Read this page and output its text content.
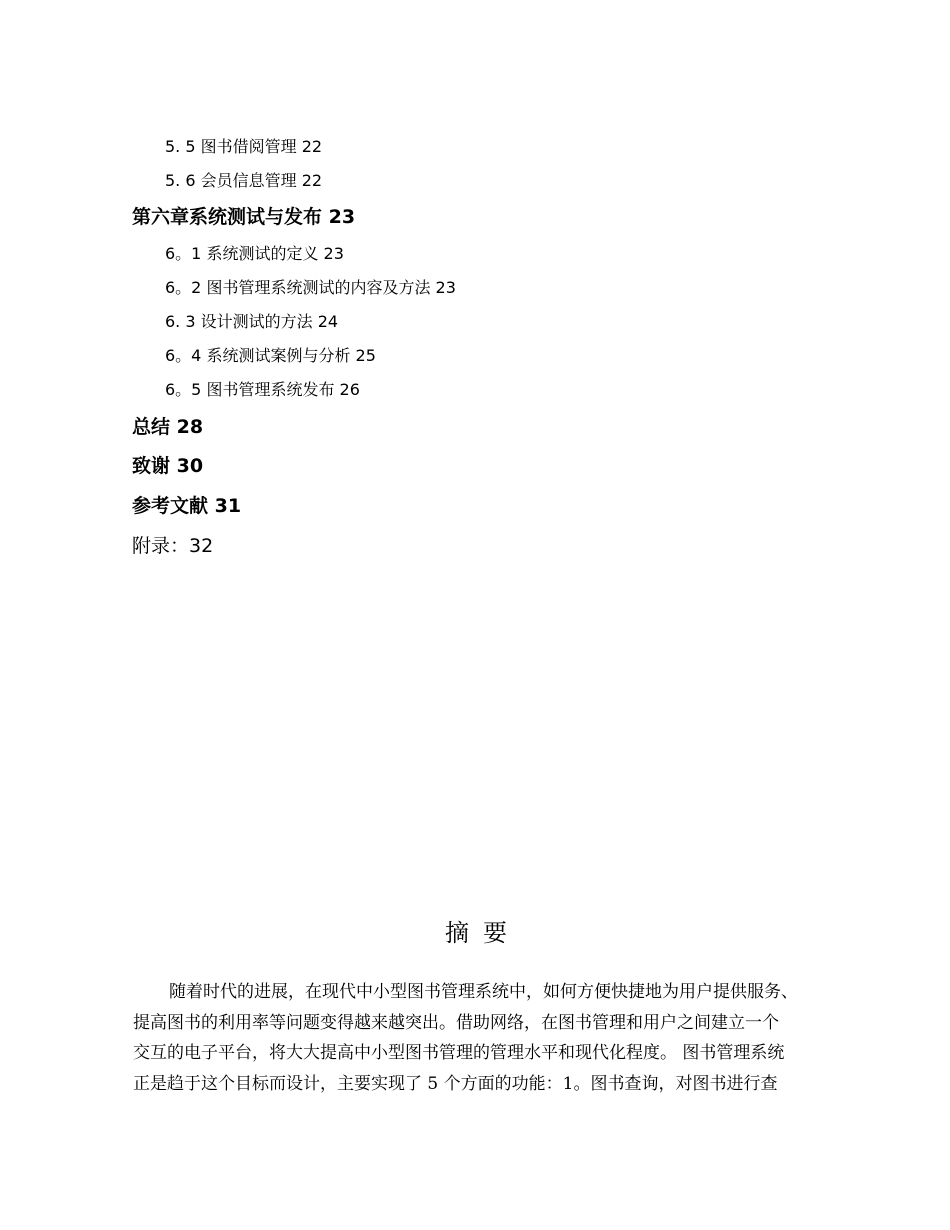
5. 5 图书借阅管理 22
5. 6 会员信息管理 22
第六章系统测试与发布 23
6。1 系统测试的定义 23
6。2 图书管理系统测试的内容及方法 23
6. 3 设计测试的方法 24
6。4 系统测试案例与分析 25
6。5 图书管理系统发布 26
总结 28
致谢 30
参考文献 31
附录：32
摘要
随着时代的进展，在现代中小型图书管理系统中，如何方便快捷地为用户提供服务、
提高图书的利用率等问题变得越来越突出。借助网络，在图书管理和用户之间建立一个
交互的电子平台，将大大提高中小型图书管理的管理水平和现代化程度。 图书管理系统
正是趋于这个目标而设计，主要实现了 5 个方面的功能：1。图书查询，对图书进行查
